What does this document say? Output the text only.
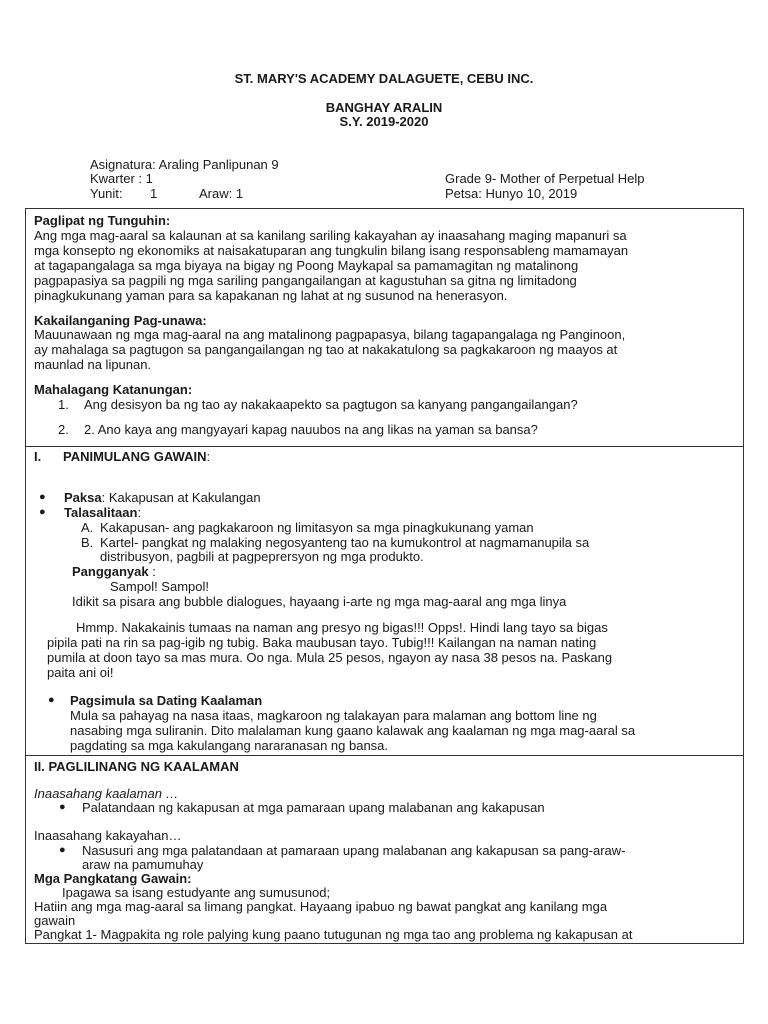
ST. MARY'S ACADEMY DALAGUETE, CEBU INC.
BANGHAY ARALIN
S.Y. 2019-2020
Asignatura: Araling Panlipunan 9
Kwarter : 1	Grade 9- Mother of Perpetual Help
Yunit: 1	Araw: 1	Petsa: Hunyo 10, 2019
Paglipat ng Tunguhin:
Ang mga mag-aaral sa kalaunan at sa kanilang sariling kakayahan ay inaasahang maging mapanuri sa
mga konsepto ng ekonomiks at naisakatuparan ang tungkulin bilang isang responsableng mamamayan
at tagapangalaga sa mga biyaya na bigay ng Poong Maykapal sa pamamagitan ng matalinong
pagpapasiya sa pagpili ng mga sariling pangangailangan at kagustuhan sa gitna ng limitadong
pinagkukunang yaman para sa kapakanan ng lahat at ng susunod na henerasyon.
Kakailanganing Pag-unawa:
Mauunawaan ng mga mag-aaral na ang matalinong pagpapasya, bilang tagapangalaga ng Panginoon,
ay mahalaga sa pagtugon sa pangangailangan ng tao at nakakatulong sa pagkakaroon ng maayos at
maunlad na lipunan.
Mahalagang Katanungan:
1.	Ang desisyon ba ng tao ay nakakaapekto sa pagtugon sa kanyang pangangailangan?
2.	2. Ano kaya ang mangyayari kapag nauubos na ang likas na yaman sa bansa?
I.	PANIMULANG GAWAIN:
● Paksa: Kakapusan at Kakulangan
● Talasalitaan:
A. Kakapusan- ang pagkakaroon ng limitasyon sa mga pinagkukunang yaman
B. Kartel- pangkat ng malaking negosyanteng tao na kumukontrol at nagmamanupila sa
distribusyon, pagbili at pagpeprersyon ng mga produkto.
Pangganyak :
Sampol! Sampol!
Idikit sa pisara ang bubble dialogues, hayaang i-arte ng mga mag-aaral ang mga linya
Hmmp. Nakakainis tumaas na naman ang presyo ng bigas!!! Opps!. Hindi lang tayo sa bigas
pipila pati na rin sa pag-igib ng tubig. Baka maubusan tayo. Tubig!!! Kailangan na naman nating
pumila at doon tayo sa mas mura. Oo nga. Mula 25 pesos, ngayon ay nasa 38 pesos na. Paskang
paita ani oi!
● Pagsimula sa Dating Kaalaman
Mula sa pahayag na nasa itaas, magkaroon ng talakayan para malaman ang bottom line ng
nasabing mga suliranin. Dito malalaman kung gaano kalawak ang kaalaman ng mga mag-aaral sa
pagdating sa mga kakulangang nararanasan ng bansa.
II. PAGLILINANG NG KAALAMAN
Inaasahang kaalaman …
● Palatandaan ng kakapusan at mga pamaraan upang malabanan ang kakapusan
Inaasahang kakayahan…
● Nasusuri ang mga palatandaan at pamaraan upang malabanan ang kakapusan sa pang-araw-
araw na pamumuhay
Mga Pangkatang Gawain:
Ipagawa sa isang estudyante ang sumusunod;
Hatiin ang mga mag-aaral sa limang pangkat. Hayaang ipabuo ng bawat pangkat ang kanilang mga
gawain
Pangkat 1- Magpakita ng role palying kung paano tutugunan ng mga tao ang problema ng kakapusan at
